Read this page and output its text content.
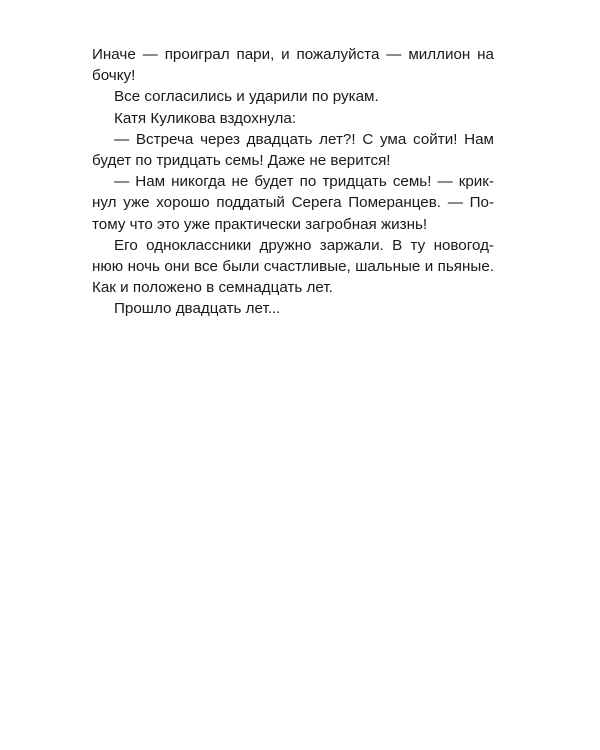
Иначе — проиграл пари, и пожалуйста — миллион на
бочку!
Все согласились и ударили по рукам.
Катя Куликова вздохнула:
— Встреча через двадцать лет?! С ума сойти! Нам
будет по тридцать семь! Даже не верится!
— Нам никогда не будет по тридцать семь! — крик-
нул уже хорошо поддатый Серега Померанцев. — По-
тому что это уже практически загробная жизнь!
Его одноклассники дружно заржали. В ту новогод-
нюю ночь они все были счастливые, шальные и пьяные.
Как и положено в семнадцать лет.
Прошло двадцать лет...
